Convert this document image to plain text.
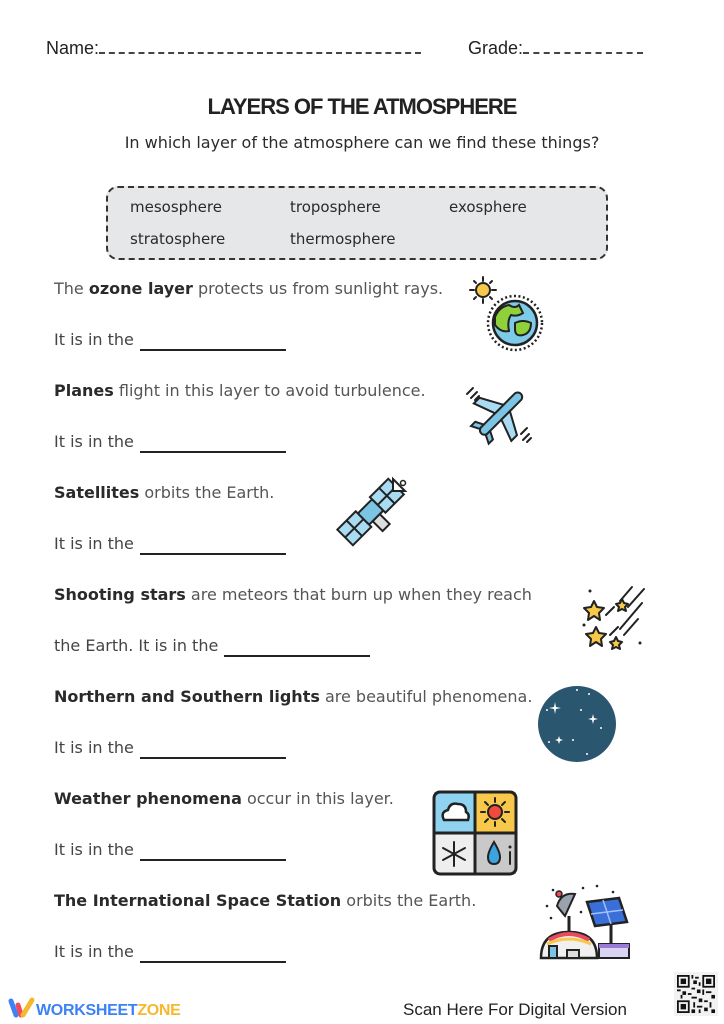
Name:	Grade:
LAYERS OF THE ATMOSPHERE
In which layer of the atmosphere can we find these things?
mesosphere	troposphere	exosphere
stratosphere	thermosphere
The ozone layer protects us from sunlight rays.
It is in the
Planes flight in this layer to avoid turbulence.
It is in the
Satellites orbits the Earth.
It is in the
Shooting stars are meteors that burn up when they reach
the Earth. It is in the
Northern and Southern lights are beautiful phenomena.
It is in the
Weather phenomena occur in this layer.
It is in the
The International Space Station orbits the Earth.
It is in the
WORKSHEETZONE	Scan Here For Digital Version
